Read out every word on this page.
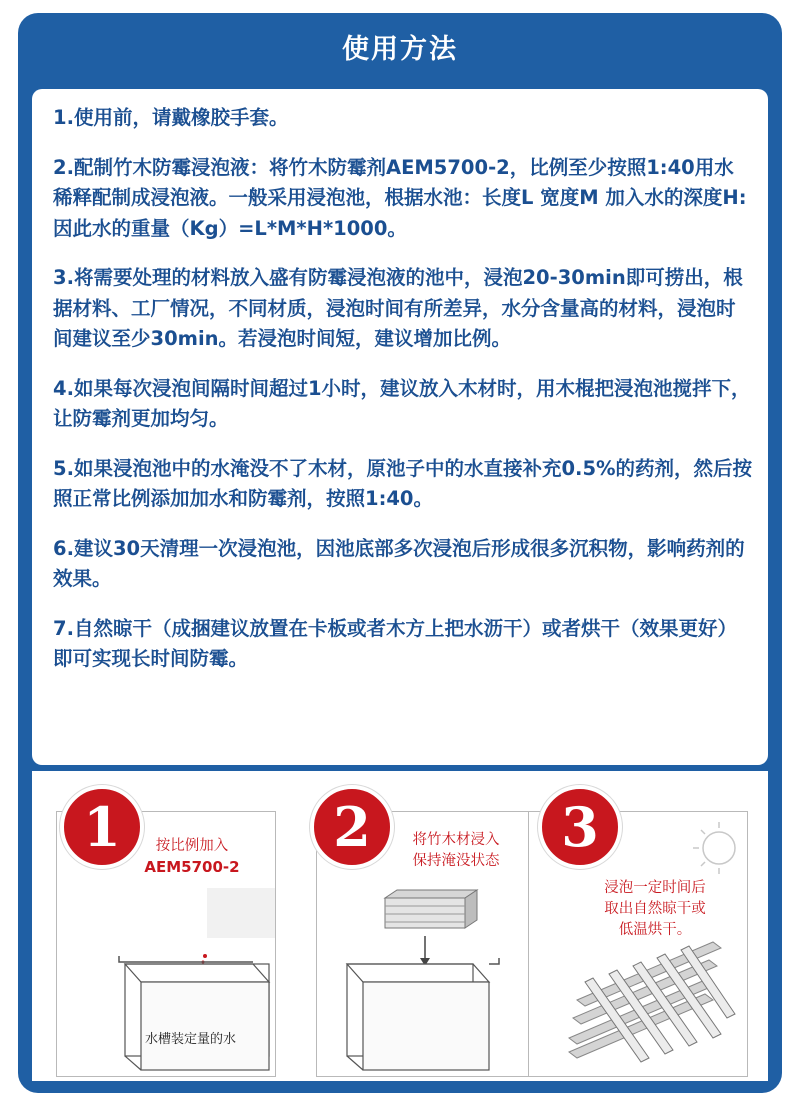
使用方法

1.使用前，请戴橡胶手套。

2.配制竹木防霉浸泡液：将竹木防霉剂AEM5700-2，比例至少按照1:40用水稀释配制成浸泡液。一般采用浸泡池，根据水池：长度L 宽度M 加入水的深度H:因此水的重量（Kg）=L*M*H*1000。

3.将需要处理的材料放入盛有防霉浸泡液的池中，浸泡20-30min即可捞出，根据材料、工厂情况，不同材质，浸泡时间有所差异，水分含量高的材料，浸泡时间建议至少30min。若浸泡时间短，建议增加比例。

4.如果每次浸泡间隔时间超过1小时，建议放入木材时，用木棍把浸泡池搅拌下，让防霉剂更加均匀。

5.如果浸泡池中的水淹没不了木材，原池子中的水直接补充0.5%的药剂，然后按照正常比例添加加水和防霉剂，按照1:40。

6.建议30天清理一次浸泡池，因池底部多次浸泡后形成很多沉积物，影响药剂的效果。

7.自然晾干（成捆建议放置在卡板或者木方上把水沥干）或者烘干（效果更好）即可实现长时间防霉。

按比例加入
AEM5700-2
水槽装定量的水
1	将竹木材浸入
保持淹没状态
2
浸泡一定时间后
取出自然晾干或
低温烘干。
3
